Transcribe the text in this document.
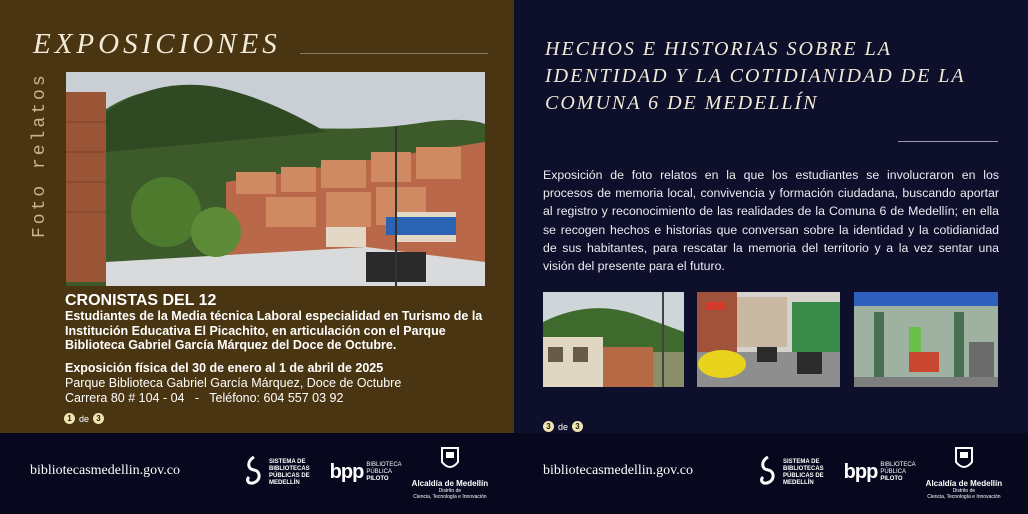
EXPOSICIONES
Foto relatos
CRONISTAS DEL 12
Estudiantes de la Media técnica Laboral especialidad en Turismo de la Institución Educativa El Picachito, en articulación con el Parque Biblioteca Gabriel García Márquez del Doce de Octubre.
Exposición física del 30 de enero al 1 de abril de 2025
Parque Biblioteca Gabriel García Márquez, Doce de Octubre
Carrera 80 # 104 - 04   -   Teléfono: 604 557 03 92
1 de 3
HECHOS E HISTORIAS SOBRE LA IDENTIDAD Y LA COTIDIANIDAD DE LA COMUNA 6 DE MEDELLÍN
Exposición de foto relatos en la que los estudiantes se involucraron en los procesos de memoria local, convivencia y formación ciudadana, buscando aportar al registro y reconocimiento de las realidades de la Comuna 6 de Medellín; en ella se recogen hechos e historias que conversan sobre la identidad y la cotidianidad de sus habitantes, para rescatar la memoria del territorio y a la vez sentar una visión del presente para el futuro.
3 de 3
bibliotecasmedellin.gov.co	bibliotecasmedellin.gov.co
SISTEMA DE
BIBLIOTECAS
PÚBLICAS DE
MEDELLÍN	bpp BIBLIOTECA
PÚBLICA
PILOTO	Alcaldía de Medellín
Distrito de
Ciencia, Tecnología e Innovación
SISTEMA DE
BIBLIOTECAS
PÚBLICAS DE
MEDELLÍN	bpp BIBLIOTECA
PÚBLICA
PILOTO	Alcaldía de Medellín
Distrito de
Ciencia, Tecnología e Innovación
